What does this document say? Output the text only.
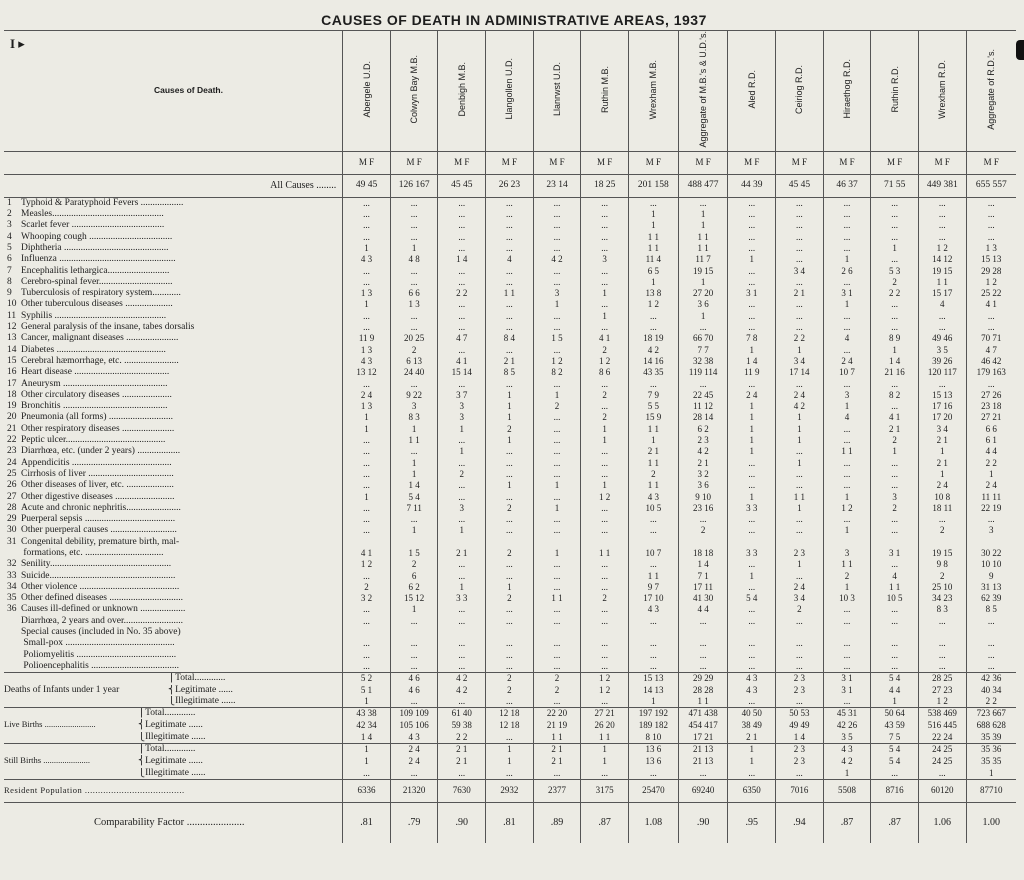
CAUSES OF DEATH IN ADMINISTRATIVE AREAS, 1937
I ▸
Causes of Death.	Abergele U.D.	Colwyn Bay M.B.	Denbigh M.B.	Llangollen U.D.	Llanrwst U.D.	Ruthin M.B.	Wrexham M.B.	Aggregate of M.B.'s & U.D.'s.	Aled R.D.	Ceiriog R.D.	Hiraethog R.D.	Ruthin R.D.	Wrexham R.D.	Aggregate of R.D.'s.
	M F	M F	M F	M F	M F	M F	M F	M F	M F	M F	M F	M F	M F	M F
All Causes ........	49 45	126 167	45 45	26 23	23 14	18 25	201 158	488 477	44 39	45 45	46 37	71 55	449 381	655 557
1 Typhoid & Paratyphoid Fevers ..................	...	...	...	...	...	...	...	...	...	...	...	...	...	...
2 Measles...............................................	...	...	...	...	...	...	1	1	...	...	...	...	...	...
3 Scarlet fever .......................................	...	...	...	...	...	...	1	1	...	...	...	...	...	...
4 Whooping cough ...................................	...	...	...	...	...	...	1 1	1 1	...	...	...	...	...	...
5 Diphtheria ............................................	1	1	...	...	...	...	1 1	1 1	...	...	...	1	1 2	1 3
6 Influenza .................................................	4 3	4 8	1 4	4	4 2	3	11 4	11 7	1	...	1	...	14 12	15 13
7 Encephalitis lethargica..........................	...	...	...	...	...	...	6 5	19 15	...	3 4	2 6	5 3	19 15	29 28
8 Cerebro-spinal fever...............................	...	...	...	...	...	...	1	1	...	...	...	2	1 1	1 2
9 Tuberculosis of respiratory system............	1 3	6 6	2 2	1 1	3	1	13 8	27 20	3 1	2 1	3 1	2 2	15 17	25 22
10 Other tuberculous diseases ....................	1	1 3	...	...	1	...	1 2	3 6	...	...	1	...	4	4 1
11 Syphilis ...............................................	...	...	...	...	...	1	...	1	...	...	...	...	...	...
12 General paralysis of the insane, tabes dorsalis	...	...	...	...	...	...	...	...	...	...	...	...	...	...
13 Cancer, malignant diseases ......................	11 9	20 25	4 7	8 4	1 5	4 1	18 19	66 70	7 8	2 2	4	8 9	49 46	70 71
14 Diabetes ..............................................	1 3	2	...	...	...	2	4 2	7 7	1	1	...	1	3 5	4 7
15 Cerebral hæmorrhage, etc. .......................	4 3	6 13	4 1	2 1	1 2	1 2	14 16	32 38	1 4	3 4	2 4	1 4	39 26	46 42
16 Heart disease ........................................	13 12	24 40	15 14	8 5	8 2	8 6	43 35	119 114	11 9	17 14	10 7	21 16	120 117	179 163
17 Aneurysm ............................................	...	...	...	...	...	...	...	...	...	...	...	...	...	...
18 Other circulatory diseases .....................	2 4	9 22	3 7	1	1	2	7 9	22 45	2 4	2 4	3	8 2	15 13	27 26
19 Bronchitis ............................................	1 3	3	3	1	2	...	5 5	11 12	1	4 2	1	...	17 16	23 18
20 Pneumonia (all forms) ...........................	1	8 3	3	1	...	2	15 9	28 14	1	1	4	4 1	17 20	27 21
21 Other respiratory diseases ......................	1	1	1	2	...	1	1 1	6 2	1	1	...	2 1	3 4	6 6
22 Peptic ulcer..........................................	...	1 1	...	1	...	1	1	2 3	1	1	...	2	2 1	6 1
23 Diarrhœa, etc. (under 2 years) ..................	...	...	1	...	...	...	2 1	4 2	1	...	1 1	1	1	4 4
24 Appendicitis ..........................................	...	1	...	...	...	...	1 1	2 1	...	1	...	...	2 1	2 2
25 Cirrhosis of liver ....................................	...	1	2	...	...	...	2	3 2	...	...	...	...	1	1
26 Other diseases of liver, etc. ....................	...	1 4	...	1	1	1	1 1	3 6	...	...	...	...	2 4	2 4
27 Other digestive diseases .........................	1	5 4	...	...	...	1 2	4 3	9 10	1	1 1	1	3	10 8	11 11
28 Acute and chronic nephritis.......................	...	7 11	3	2	1	...	10 5	23 16	3 3	1	1 2	2	18 11	22 19
29 Puerperal sepsis ......................................	...	...	...	...	...	...	...	...	...	...	...	...	...	...
30 Other puerperal causes ............................	...	1	1	...	...	...	...	2	...	...	1	...	2	3
31 Congenital debility, premature birth, mal-														
formations, etc. .................................	4 1	1 5	2 1	2	1	1 1	10 7	18 18	3 3	2 3	3	3 1	19 15	30 22
32 Senility...................................................	1 2	2	...	...	...	...	...	1 4	...	1	1 1	...	9 8	10 10
33 Suicide.....................................................	...	6	...	...	...	...	1 1	7 1	1	...	2	4	2	9
34 Other violence ..........................................	2	6 2	1	1	...	...	9 7	17 11	...	2 4	1	1 1	25 10	31 13
35 Other defined diseases ...............................	3 2	15 12	3 3	2	1 1	2	17 10	41 30	5 4	3 4	10 3	10 5	34 23	62 39
36 Causes ill-defined or unknown ...................	...	1	...	...	...	...	4 3	4 4	...	2	...	...	8 3	8 5
Diarrhœa, 2 years and over.........................	...	...	...	...	...	...	...	...	...	...	...	...	...	...
Special causes (included in No. 35 above)														
Small-pox ..............................................	...	...	...	...	...	...	...	...	...	...	...	...	...	...
Poliomyelitis ..........................................	...	...	...	...	...	...	...	...	...	...	...	...	...	...
Polioencephalitis .....................................	...	...	...	...	...	...	...	...	...	...	...	...	...	...
⎧Total.............	5 2	4 6	4 2	2	2	1 2	15 13	29 29	4 3	2 3	3 1	5 4	28 25	42 36
Deaths of Infants under 1 year ⎨Legitimate ......	5 1	4 6	4 2	2	2	1 2	14 13	28 28	4 3	2 3	3 1	4 4	27 23	40 34
⎩Illegitimate ......	1	...	...	...	...	...	1	1 1	...	...	...	1	1 2	2 2
⎧Total.............	43 38	109 109	61 40	12 18	22 20	27 21	197 192	471 438	40 50	50 53	45 31	50 64	538 469	723 667
Live Births ........................ ⎨Legitimate ......	42 34	105 106	59 38	12 18	21 19	26 20	189 182	454 417	38 49	49 49	42 26	43 59	516 445	688 628
⎩Illegitimate ......	1 4	4 3	2 2	...	1 1	1 1	8 10	17 21	2 1	1 4	3 5	7 5	22 24	35 39
⎧Total.............	1	2 4	2 1	1	2 1	1	13 6	21 13	1	2 3	4 3	5 4	24 25	35 36
Still Births ...................... ⎨Legitimate ......	1	2 4	2 1	1	2 1	1	13 6	21 13	1	2 3	4 2	5 4	24 25	35 35
⎩Illegitimate ......	...	...	...	...	...	...	...	...	...	...	1	...	...	1
Resident Population ......................................	6336	21320	7630	2932	2377	3175	25470	69240	6350	7016	5508	8716	60120	87710
Comparability Factor ......................	.81	.79	.90	.81	.89	.87	1.08	.90	.95	.94	.87	.87	1.06	1.00
